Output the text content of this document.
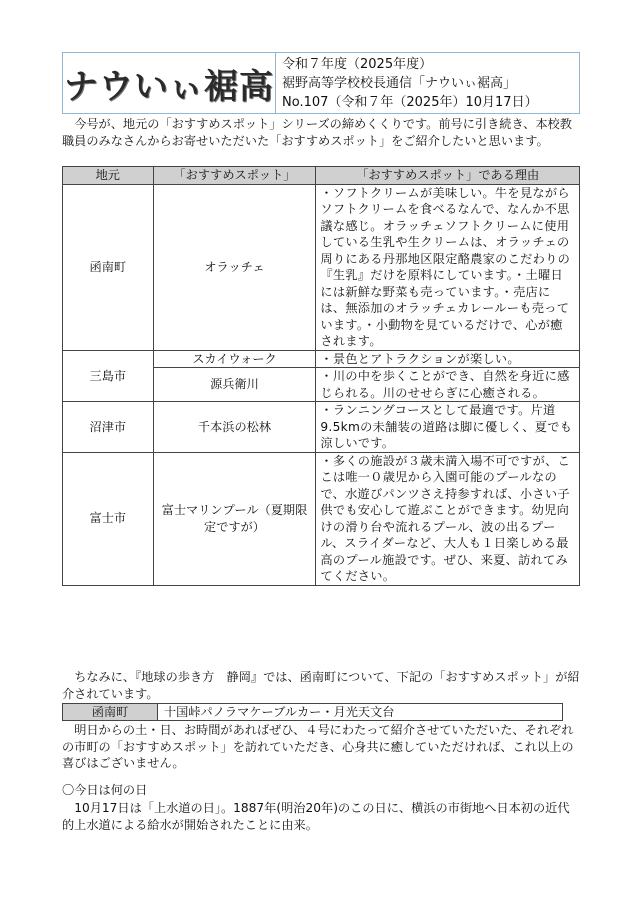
ナウいぃ裾高
令和７年度（2025年度）
裾野高等学校校長通信「ナウいぃ裾高」
No.107（令和７年（2025年）10月17日）

今号が、地元の「おすすめスポット」シリーズの締めくくりです。前号に引き続き、本校教職員のみなさんからお寄せいただいた「おすすめスポット」をご紹介したいと思います。

地元	「おすすめスポット」	「おすすめスポット」である理由
函南町	オラッチェ	・ソフトクリームが美味しい。牛を見ながらソフトクリームを食べるなんで、なんか不思議な感じ。オラッチェソフトクリームに使用している生乳や生クリームは、オラッチェの周りにある丹那地区限定酪農家のこだわりの『生乳』だけを原料にしています。・土曜日には新鮮な野菜も売っています。・売店には、無添加のオラッチェカレールーも売っています。・小動物を見ているだけで、心が癒されます。
三島市	スカイウォーク	・景色とアトラクションが楽しい。
	源兵衛川	・川の中を歩くことができ、自然を身近に感じられる。川のせせらぎに心癒される。
沼津市	千本浜の松林	・ランニングコースとして最適です。片道9.5kmの未舗装の道路は脚に優しく、夏でも涼しいです。
富士市	富士マリンプール（夏期限定ですが）	・多くの施設が３歳未満入場不可ですが、ここは唯一０歳児から入園可能のプールなので、水遊びパンツさえ持参すれば、小さい子供でも安心して遊ぶことができます。幼児向けの滑り台や流れるプール、波の出るプール、スライダーなど、大人も１日楽しめる最高のプール施設です。ぜひ、来夏、訪れてみてください。

ちなみに、『地球の歩き方　静岡』では、函南町について、下記の「おすすめスポット」が紹介されています。

函南町	十国峠パノラマケーブルカー・月光天文台

明日からの土・日、お時間があればぜひ、４号にわたって紹介させていただいた、それぞれの市町の「おすすめスポット」を訪れていただき、心身共に癒していただければ、これ以上の喜びはございません。

〇今日は何の日

10月17日は「上水道の日」。1887年(明治20年)のこの日に、横浜の市街地へ日本初の近代的上水道による給水が開始されたことに由来。
